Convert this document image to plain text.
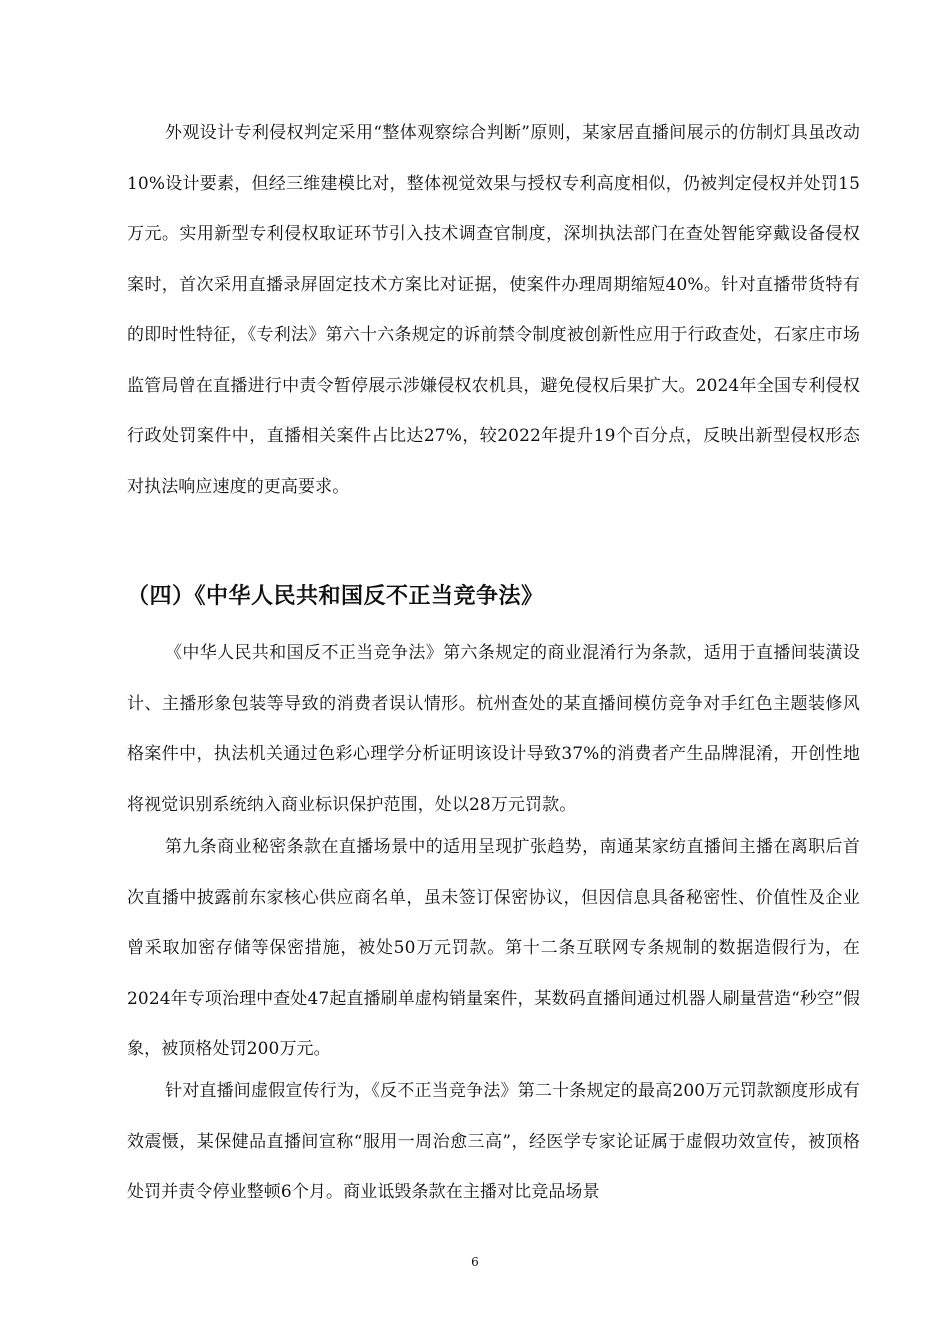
外观设计专利侵权判定采用“整体观察综合判断”原则，某家居直播间展示的仿制灯具虽改动10%设计要素，但经三维建模比对，整体视觉效果与授权专利高度相似，仍被判定侵权并处罚15万元。实用新型专利侵权取证环节引入技术调查官制度，深圳执法部门在查处智能穿戴设备侵权案时，首次采用直播录屏固定技术方案比对证据，使案件办理周期缩短40%。针对直播带货特有的即时性特征，《专利法》第六十六条规定的诉前禁令制度被创新性应用于行政查处，石家庄市场监管局曾在直播进行中责令暂停展示涉嫌侵权农机具，避免侵权后果扩大。2024年全国专利侵权行政处罚案件中，直播相关案件占比达27%，较2022年提升19个百分点，反映出新型侵权形态对执法响应速度的更高要求。

（四）《中华人民共和国反不正当竞争法》

《中华人民共和国反不正当竞争法》第六条规定的商业混淆行为条款，适用于直播间装潢设计、主播形象包装等导致的消费者误认情形。杭州查处的某直播间模仿竞争对手红色主题装修风格案件中，执法机关通过色彩心理学分析证明该设计导致37%的消费者产生品牌混淆，开创性地将视觉识别系统纳入商业标识保护范围，处以28万元罚款。

第九条商业秘密条款在直播场景中的适用呈现扩张趋势，南通某家纺直播间主播在离职后首次直播中披露前东家核心供应商名单，虽未签订保密协议，但因信息具备秘密性、价值性及企业曾采取加密存储等保密措施，被处50万元罚款。第十二条互联网专条规制的数据造假行为，在2024年专项治理中查处47起直播刷单虚构销量案件，某数码直播间通过机器人刷量营造“秒空”假象，被顶格处罚200万元。

针对直播间虚假宣传行为，《反不正当竞争法》第二十条规定的最高200万元罚款额度形成有效震慑，某保健品直播间宣称“服用一周治愈三高”，经医学专家论证属于虚假功效宣传，被顶格处罚并责令停业整顿6个月。商业诋毁条款在主播对比竞品场景

6
